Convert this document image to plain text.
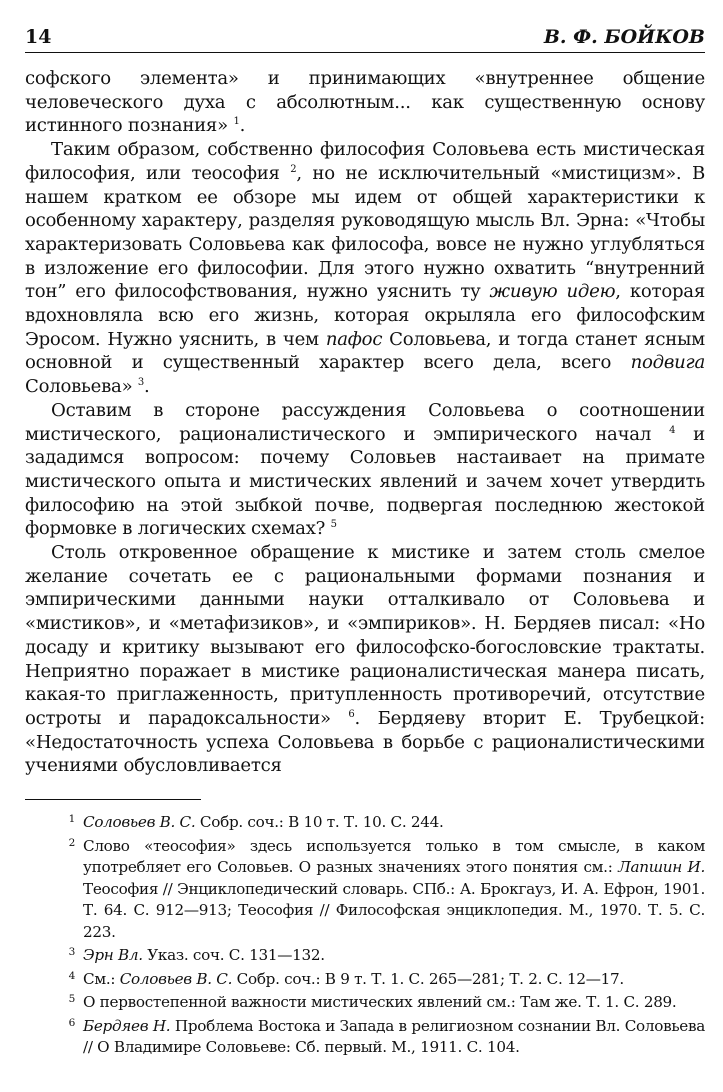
14	В. Ф. БОЙКОВ

софского элемента» и принимающих «внутреннее общение человеческого духа с абсолютным... как существенную основу истинного познания» $^1$.

Таким образом, собственно философия Соловьева есть мистическая философия, или теософия $^2$, но не исключительный «мистицизм». В нашем кратком ее обзоре мы идем от общей характеристики к особенному характеру, разделяя руководящую мысль Вл. Эрна: «Чтобы характеризовать Соловьева как философа, вовсе не нужно углубляться в изложение его философии. Для этого нужно охватить “внутренний тон” его философствования, нужно уяснить ту живую идею, которая вдохновляла всю его жизнь, которая окрыляла его философским Эросом. Нужно уяснить, в чем пафос Соловьева, и тогда станет ясным основной и существенный характер всего дела, всего подвига Соловьева» $^3$.

Оставим в стороне рассуждения Соловьева о соотношении мистического, рационалистического и эмпирического начал $^4$ и зададимся вопросом: почему Соловьев настаивает на примате мистического опыта и мистических явлений и зачем хочет утвердить философию на этой зыбкой почве, подвергая последнюю жестокой формовке в логических схемах? $^5$

Столь откровенное обращение к мистике и затем столь смелое желание сочетать ее с рациональными формами познания и эмпирическими данными науки отталкивало от Соловьева и «мистиков», и «метафизиков», и «эмпириков». Н. Бердяев писал: «Но досаду и критику вызывают его философско-богословские трактаты. Неприятно поражает в мистике рационалистическая манера писать, какая-то приглаженность, притупленность противоречий, отсутствие остроты и парадоксальности» $^6$. Бердяеву вторит Е. Трубецкой: «Недостаточность успеха Соловьева в борьбе с рационалистическими учениями обусловливается

1 Соловьев В. С. Собр. соч.: В 10 т. Т. 10. С. 244.
2 Слово «теософия» здесь используется только в том смысле, в каком употребляет его Соловьев. О разных значениях этого понятия см.: Лапшин И. Теософия // Энциклопедический словарь. СПб.: А. Брокгауз, И. А. Ефрон, 1901. Т. 64. С. 912—913; Теософия // Философская энциклопедия. М., 1970. Т. 5. С. 223.
3 Эрн Вл. Указ. соч. С. 131—132.
4 См.: Соловьев В. С. Собр. соч.: В 9 т. Т. 1. С. 265—281; Т. 2. С. 12—17.
5 О первостепенной важности мистических явлений см.: Там же. Т. 1. С. 289.
6 Бердяев Н. Проблема Востока и Запада в религиозном сознании Вл. Соловьева // О Владимире Соловьеве: Сб. первый. М., 1911. С. 104.
